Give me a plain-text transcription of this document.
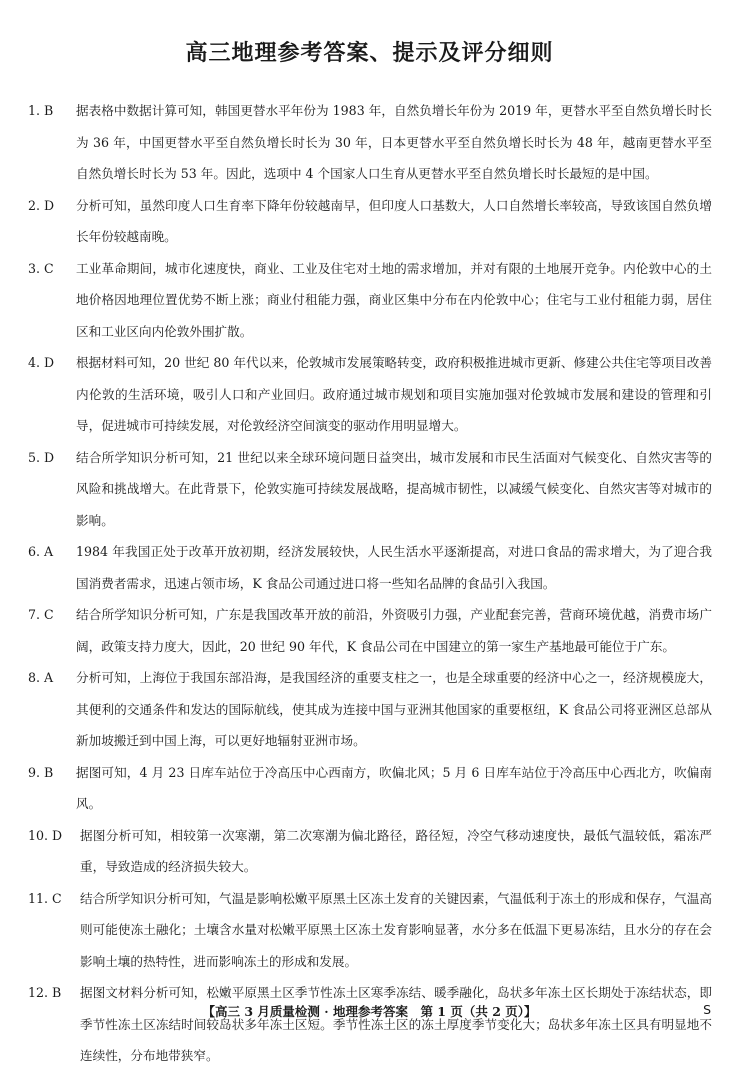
高三地理参考答案、提示及评分细则
1. B	据表格中数据计算可知，韩国更替水平年份为 1983 年，自然负增长年份为 2019 年，更替水平至自然负增长时长为 36 年，中国更替水平至自然负增长时长为 30 年，日本更替水平至自然负增长时长为 48 年，越南更替水平至自然负增长时长为 53 年。因此，选项中 4 个国家人口生育从更替水平至自然负增长时长最短的是中国。
2. D	分析可知，虽然印度人口生育率下降年份较越南早，但印度人口基数大，人口自然增长率较高，导致该国自然负增长年份较越南晚。
3. C	工业革命期间，城市化速度快，商业、工业及住宅对土地的需求增加，并对有限的土地展开竞争。内伦敦中心的土地价格因地理位置优势不断上涨；商业付租能力强，商业区集中分布在内伦敦中心；住宅与工业付租能力弱，居住区和工业区向内伦敦外围扩散。
4. D	根据材料可知，20 世纪 80 年代以来，伦敦城市发展策略转变，政府积极推进城市更新、修建公共住宅等项目改善内伦敦的生活环境，吸引人口和产业回归。政府通过城市规划和项目实施加强对伦敦城市发展和建设的管理和引导，促进城市可持续发展，对伦敦经济空间演变的驱动作用明显增大。
5. D	结合所学知识分析可知，21 世纪以来全球环境问题日益突出，城市发展和市民生活面对气候变化、自然灾害等的风险和挑战增大。在此背景下，伦敦实施可持续发展战略，提高城市韧性，以减缓气候变化、自然灾害等对城市的影响。
6. A	1984 年我国正处于改革开放初期，经济发展较快，人民生活水平逐渐提高，对进口食品的需求增大，为了迎合我国消费者需求，迅速占领市场，K 食品公司通过进口将一些知名品牌的食品引入我国。
7. C	结合所学知识分析可知，广东是我国改革开放的前沿，外资吸引力强，产业配套完善，营商环境优越，消费市场广阔，政策支持力度大，因此，20 世纪 90 年代，K 食品公司在中国建立的第一家生产基地最可能位于广东。
8. A	分析可知，上海位于我国东部沿海，是我国经济的重要支柱之一，也是全球重要的经济中心之一，经济规模庞大，其便利的交通条件和发达的国际航线，使其成为连接中国与亚洲其他国家的重要枢纽，K 食品公司将亚洲区总部从新加坡搬迁到中国上海，可以更好地辐射亚洲市场。
9. B	据图可知，4 月 23 日库车站位于冷高压中心西南方，吹偏北风；5 月 6 日库车站位于冷高压中心西北方，吹偏南风。
10. D	据图分析可知，相较第一次寒潮，第二次寒潮为偏北路径，路径短，冷空气移动速度快，最低气温较低，霜冻严重，导致造成的经济损失较大。
11. C	结合所学知识分析可知，气温是影响松嫩平原黑土区冻土发育的关键因素，气温低利于冻土的形成和保存，气温高则可能使冻土融化；土壤含水量对松嫩平原黑土区冻土发育影响显著，水分多在低温下更易冻结，且水分的存在会影响土壤的热特性，进而影响冻土的形成和发展。
12. B	据图文材料分析可知，松嫩平原黑土区季节性冻土区寒季冻结、暖季融化，岛状多年冻土区长期处于冻结状态，即季节性冻土区冻结时间较岛状多年冻土区短。季节性冻土区的冻土厚度季节变化大；岛状多年冻土区具有明显地不连续性，分布地带狭窄。
【高三 3 月质量检测 · 地理参考答案　第 1 页（共 2 页）】	S
